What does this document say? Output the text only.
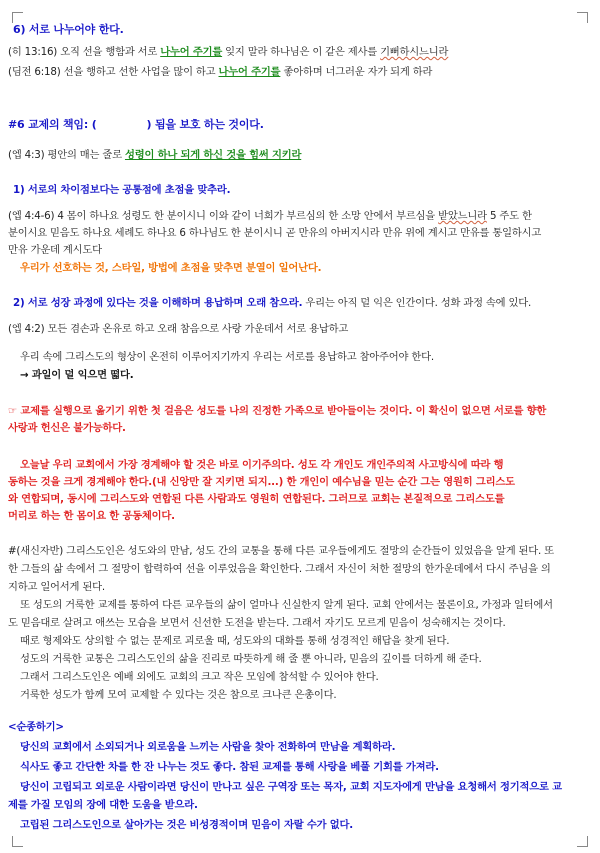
6) 서로 나누어야 한다.
(히 13:16) 오직 선을 행함과 서로 나누어 주기를 잊지 말라 하나님은 이 같은 제사를 기뻐하시느니라
(딤전 6:18) 선을 행하고 선한 사업을 많이 하고 나누어 주기를 좋아하며 너그러운 자가 되게 하라
#6 교제의 책임: (	) 됨을 보호 하는 것이다.
(엡 4:3) 평안의 매는 줄로 성령이 하나 되게 하신 것을 힘써 지키라
1) 서로의 차이점보다는 공통점에 초점을 맞추라.
(엡 4:4-6) 4 몸이 하나요 성령도 한 분이시니 이와 같이 너희가 부르심의 한 소망 안에서 부르심을 받았느니라 5 주도 한
분이시요 믿음도 하나요 세례도 하나요 6 하나님도 한 분이시니 곧 만유의 아버지시라 만유 위에 계시고 만유를 통일하시고
만유 가운데 계시도다
우리가 선호하는 것, 스타일, 방법에 초점을 맞추면 분열이 일어난다.
2) 서로 성장 과정에 있다는 것을 이해하며 용납하며 오래 참으라. 우리는 아직 덜 익은 인간이다. 성화 과정 속에 있다.
(엡 4:2) 모든 겸손과 온유로 하고 오래 참음으로 사랑 가운데서 서로 용납하고
우리 속에 그리스도의 형상이 온전히 이루어지기까지 우리는 서로를 용납하고 참아주어야 한다.
→ 과일이 덜 익으면 떫다.
☞ 교제를 실행으로 옮기기 위한 첫 걸음은 성도를 나의 진정한 가족으로 받아들이는 것이다. 이 확신이 없으면 서로를 향한
사랑과 헌신은 불가능하다.
오늘날 우리 교회에서 가장 경계해야 할 것은 바로 이기주의다. 성도 각 개인도 개인주의적 사고방식에 따라 행
동하는 것을 크게 경계해야 한다.(내 신앙만 잘 지키면 되지...) 한 개인이 예수님을 믿는 순간 그는 영원히 그리스도
와 연합되며, 동시에 그리스도와 연합된 다른 사람과도 영원히 연합된다. 그러므로 교회는 본질적으로 그리스도를
머리로 하는 한 몸이요 한 공동체이다.
#(새신자반) 그리스도인은 성도와의 만남, 성도 간의 교통을 통해 다른 교우들에게도 절망의 순간들이 있었음을 알게 된다. 또
한 그들의 삶 속에서 그 절망이 합력하여 선을 이루었음을 확인한다. 그래서 자신이 처한 절망의 한가운데에서 다시 주님을 의
지하고 일어서게 된다.
또 성도의 거룩한 교제를 통하여 다른 교우들의 삶이 얼마나 신실한지 알게 된다. 교회 안에서는 물론이요, 가정과 일터에서
도 믿음대로 살려고 애쓰는 모습을 보면서 신선한 도전을 받는다. 그래서 자기도 모르게 믿음이 성숙해지는 것이다.
때로 형제와도 상의할 수 없는 문제로 괴로울 때, 성도와의 대화를 통해 성경적인 해답을 찾게 된다.
성도의 거룩한 교통은 그리스도인의 삶을 진리로 따뜻하게 해 줄 뿐 아니라, 믿음의 깊이를 더하게 해 준다.
그래서 그리스도인은 예배 외에도 교회의 크고 작은 모임에 참석할 수 있어야 한다.
거룩한 성도가 함께 모여 교제할 수 있다는 것은 참으로 크나큰 은총이다.
<순종하기>
당신의 교회에서 소외되거나 외로움을 느끼는 사람을 찾아 전화하여 만남을 계획하라.
식사도 좋고 간단한 차를 한 잔 나누는 것도 좋다. 참된 교제를 통해 사랑을 베풀 기회를 가져라.
당신이 고립되고 외로운 사람이라면 당신이 만나고 싶은 구역장 또는 목자, 교회 지도자에게 만남을 요청해서 정기적으로 교
제를 가질 모임의 장에 대한 도움을 받으라.
고립된 그리스도인으로 살아가는 것은 비성경적이며 믿음이 자랄 수가 없다.
